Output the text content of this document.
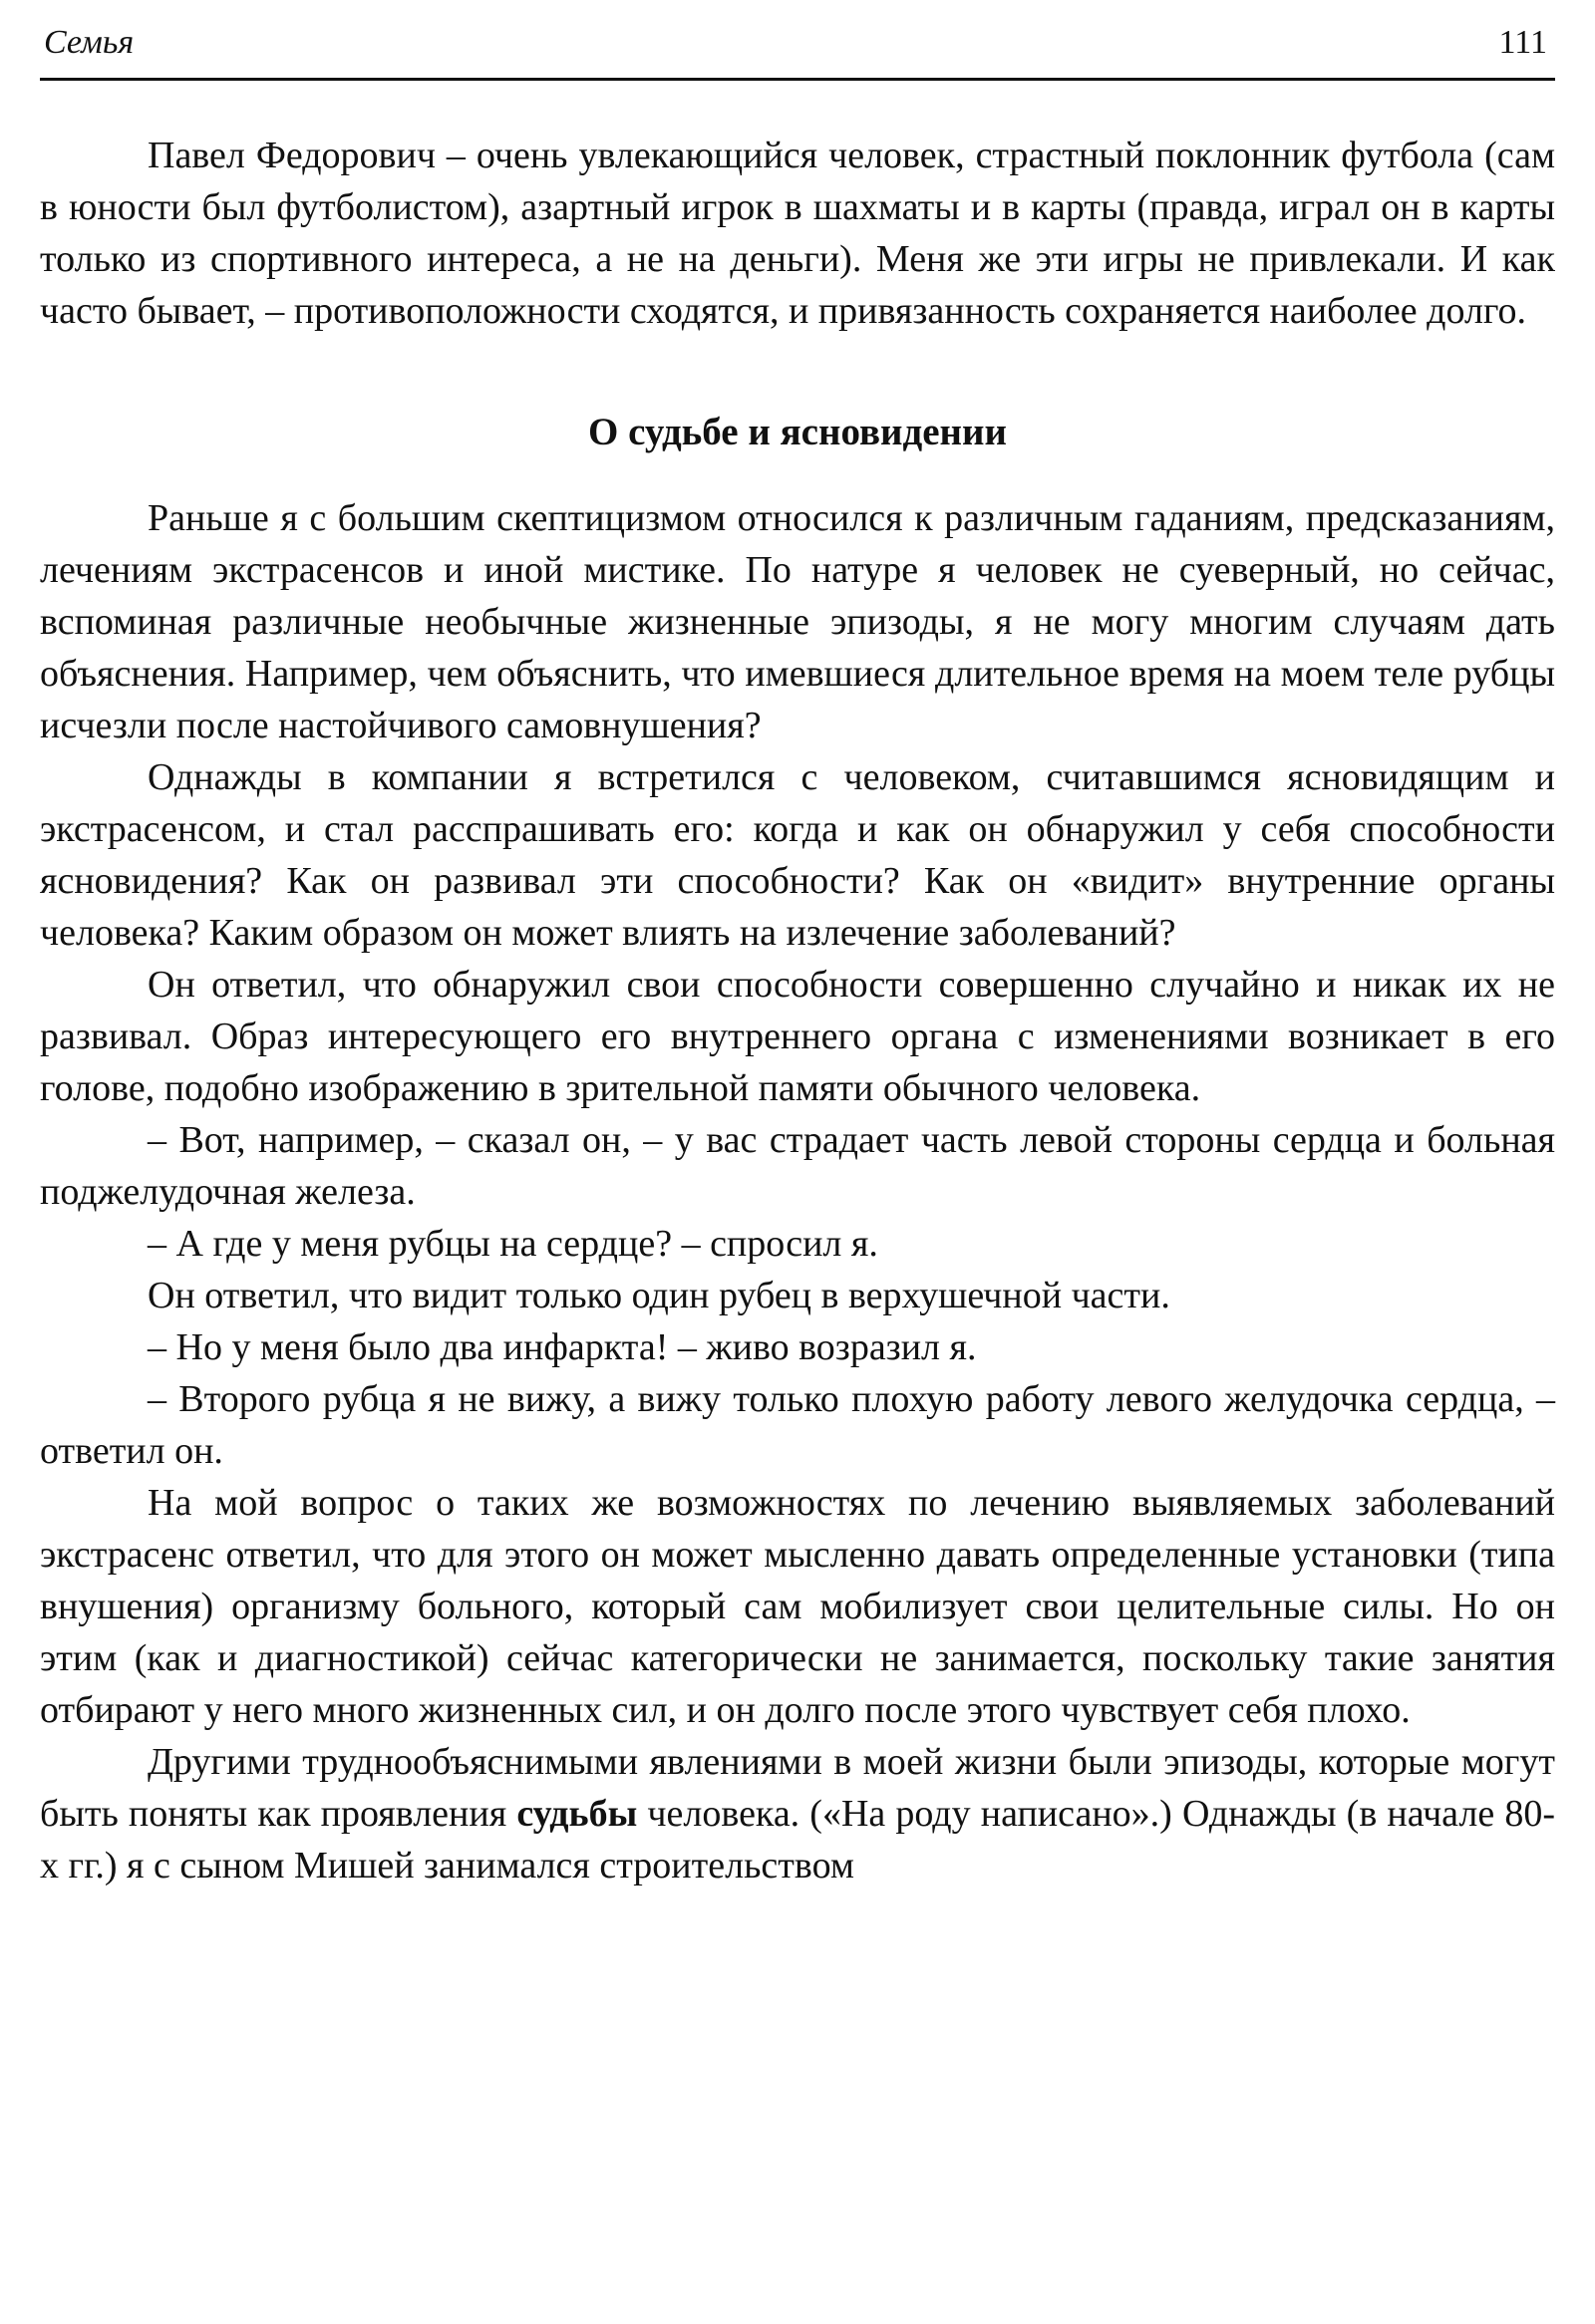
Семья	111

Павел Федорович – очень увлекающийся человек, страстный поклонник футбола (сам в юности был футболистом), азартный игрок в шахматы и в карты (правда, играл он в карты только из спортивного интереса, а не на деньги). Меня же эти игры не привлекали. И как часто бывает, – противоположности сходятся, и привязанность сохраняется наиболее долго.

О судьбе и ясновидении

Раньше я с большим скептицизмом относился к различным гаданиям, предсказаниям, лечениям экстрасенсов и иной мистике. По натуре я человек не суеверный, но сейчас, вспоминая различные необычные жизненные эпизоды, я не могу многим случаям дать объяснения. Например, чем объяснить, что имевшиеся длительное время на моем теле рубцы исчезли после настойчивого самовнушения?

Однажды в компании я встретился с человеком, считавшимся ясновидящим и экстрасенсом, и стал расспрашивать его: когда и как он обнаружил у себя способности ясновидения? Как он развивал эти способности? Как он «видит» внутренние органы человека? Каким образом он может влиять на излечение заболеваний?

Он ответил, что обнаружил свои способности совершенно случайно и никак их не развивал. Образ интересующего его внутреннего органа с изменениями возникает в его голове, подобно изображению в зрительной памяти обычного человека.

– Вот, например, – сказал он, – у вас страдает часть левой стороны сердца и больная поджелудочная железа.

– А где у меня рубцы на сердце? – спросил я.

Он ответил, что видит только один рубец в верхушечной части.

– Но у меня было два инфаркта! – живо возразил я.

– Второго рубца я не вижу, а вижу только плохую работу левого желудочка сердца, – ответил он.

На мой вопрос о таких же возможностях по лечению выявляемых заболеваний экстрасенс ответил, что для этого он может мысленно давать определенные установки (типа внушения) организму больного, который сам мобилизует свои целительные силы. Но он этим (как и диагностикой) сейчас категорически не занимается, поскольку такие занятия отбирают у него много жизненных сил, и он долго после этого чувствует себя плохо.

Другими труднообъяснимыми явлениями в моей жизни были эпизоды, которые могут быть поняты как проявления судьбы человека. («На роду написано».) Однажды (в начале 80-х гг.) я с сыном Мишей занимался строительством
